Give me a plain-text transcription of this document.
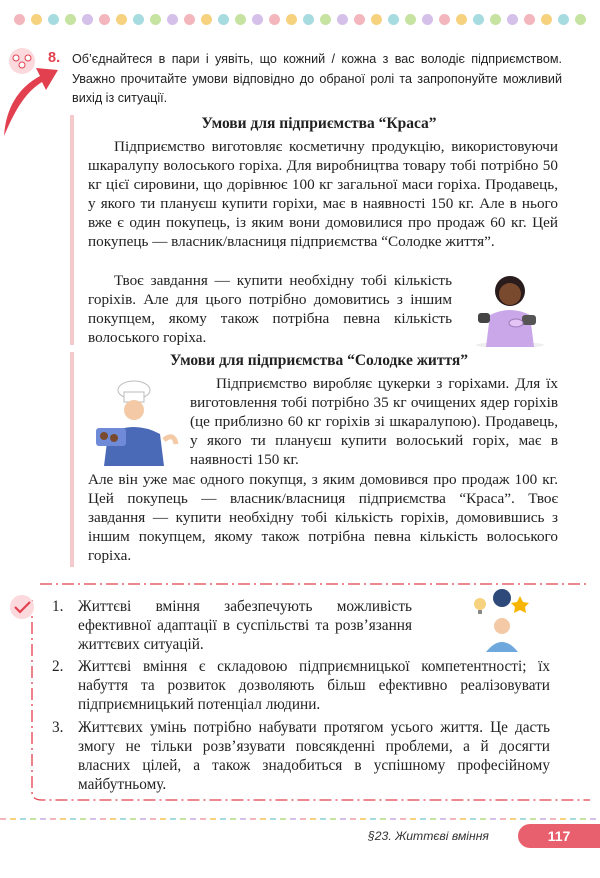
8. Об’єднайтеся в пари і уявіть, що кожний / кожна з вас володіє підприємством. Уважно прочитайте умови відповідно до обраної ролі та запропонуйте можливий вихід із ситуації.
Умови для підприємства “Краса”
Підприємство виготовляє косметичну продукцію, використовуючи шкаралупу волоського горіха. Для виробництва товару тобі потрібно 50 кг цієї сировини, що дорівнює 100 кг загальної маси горіха. Продавець, у якого ти плануєш купити горіхи, має в наявності 150 кг. Але в нього вже є один покупець, із яким вони домовилися про продаж 60 кг. Цей покупець — власник/власниця підприємства “Солодке життя”.
Твоє завдання — купити необхідну тобі кількість горіхів. Але для цього потрібно домовитись з іншим покупцем, якому також потрібна певна кількість волоського горіха.
Умови для підприємства “Солодке життя”
Підприємство виробляє цукерки з горіхами. Для їх виготовлення тобі потрібно 35 кг очищених ядер горіхів (це приблизно 60 кг горіхів зі шкаралупою). Продавець, у якого ти плануєш купити волоський горіх, має в наявності 150 кг.
Але він уже має одного покупця, з яким домовився про продаж 100 кг. Цей покупець — власник/власниця підприємства “Краса”. Твоє завдання — купити необхідну тобі кількість горіхів, домовившись з іншим покупцем, якому також потрібна певна кількість волоського горіха.
1. Життєві вміння забезпечують можливість ефективної адаптації в суспільстві та розв’язання життєвих ситуацій.
2. Життєві вміння є складовою підприємницької компетентності; їх набуття та розвиток дозволяють більш ефективно реалізовувати підприємницький потенціал людини.
3. Життєвих умінь потрібно набувати протягом усього життя. Це дасть змогу не тільки розв’язувати повсякденні проблеми, а й досягти власних цілей, а також знадобиться в успішному професійному майбутньому.
§23. Життєві вміння	117
